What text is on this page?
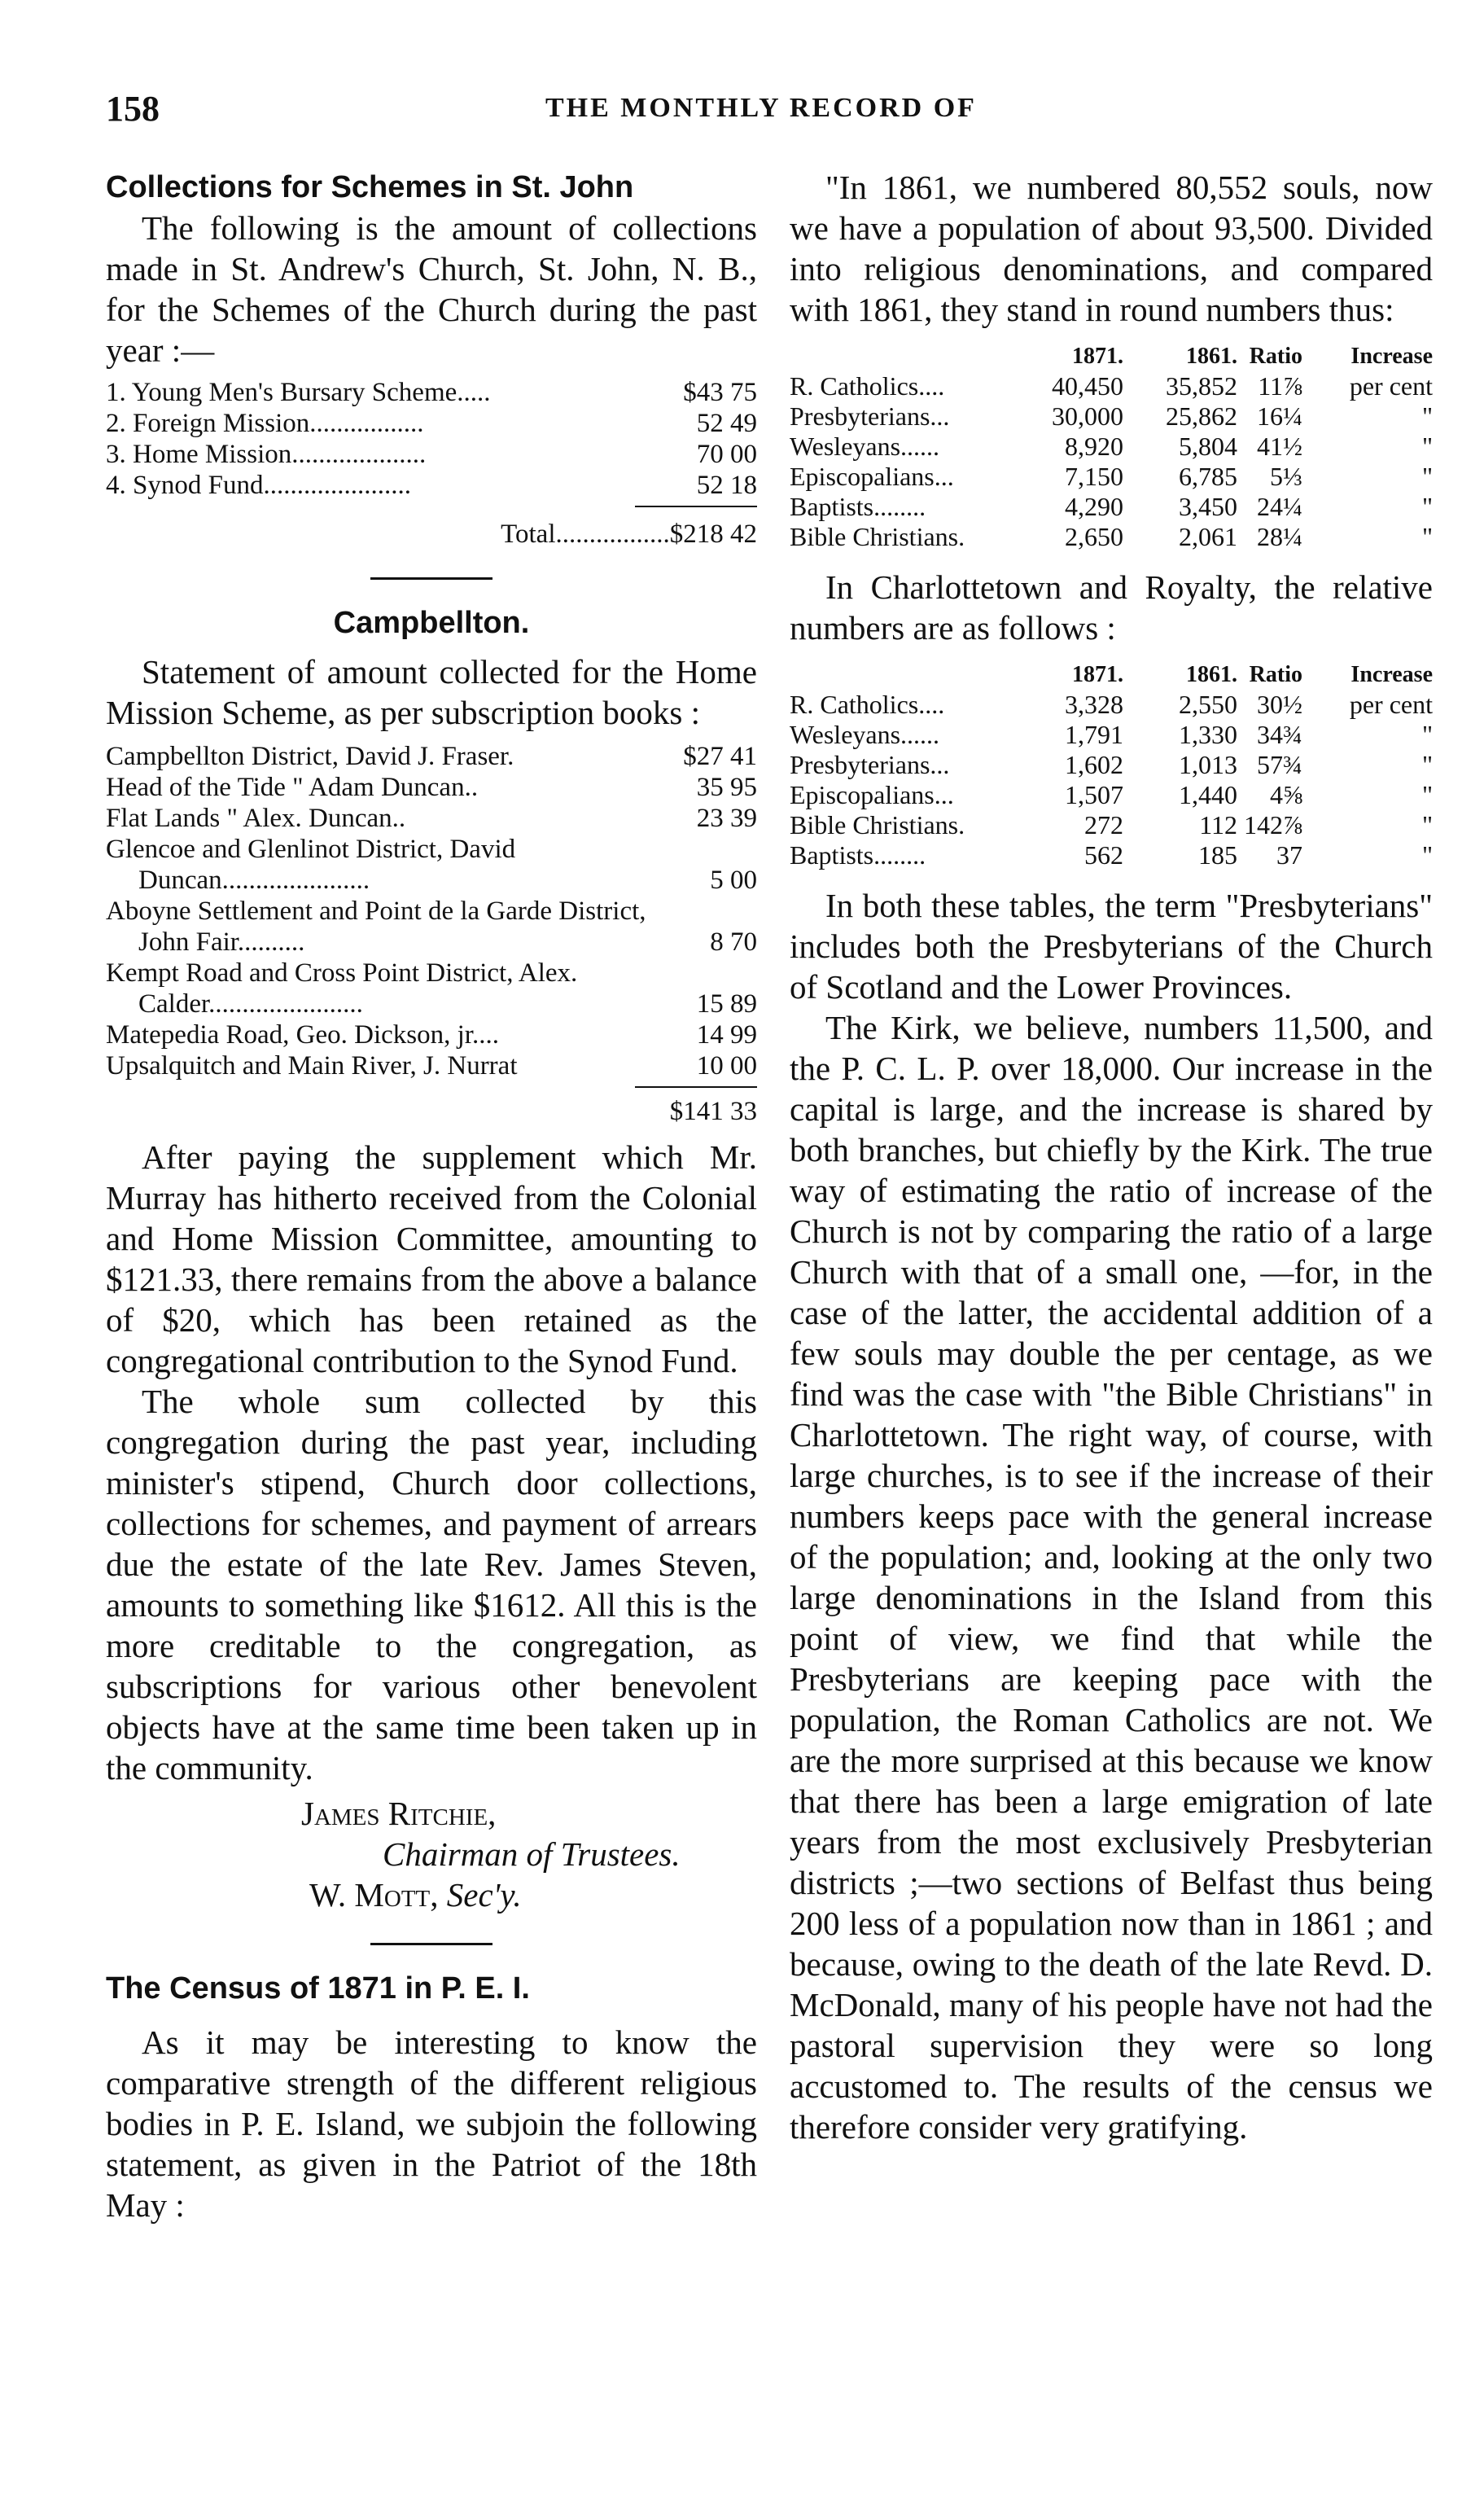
158	THE MONTHLY RECORD OF
Collections for Schemes in St. John

The following is the amount of collections made in St. Andrew's Church, St. John, N. B., for the Schemes of the Church during the past year :—

1. Young Men's Bursary Scheme.....	$43 75
2. Foreign Mission.................	52 49
3. Home Mission....................	70 00
4. Synod Fund......................	52 18
Total.................$218 42
Campbellton.

Statement of amount collected for the Home Mission Scheme, as per subscription books :

Campbellton District, David J. Fraser.	$27 41
Head of the Tide " Adam Duncan..	35 95
Flat Lands " Alex. Duncan..	23 39
Glencoe and Glenlinot District, David Duncan......................	5 00
Aboyne Settlement and Point de la Garde District, John Fair..........	8 70
Kempt Road and Cross Point District, Alex. Calder.......................	15 89
Matepedia Road, Geo. Dickson, jr....	14 99
Upsalquitch and Main River, J. Nurrat	10 00
$141 33

After paying the supplement which Mr. Murray has hitherto received from the Colonial and Home Mission Committee, amounting to $121.33, there remains from the above a balance of $20, which has been retained as the congregational contribution to the Synod Fund.

The whole sum collected by this congregation during the past year, including minister's stipend, Church door collections, collections for schemes, and payment of arrears due the estate of the late Rev. James Steven, amounts to something like $1612. All this is the more creditable to the congregation, as subscriptions for various other benevolent objects have at the same time been taken up in the community.

James Ritchie,
Chairman of Trustees.
W. Mott, Sec'y.
The Census of 1871 in P. E. I.

As it may be interesting to know the comparative strength of the different religious bodies in P. E. Island, we subjoin the following statement, as given in the Patriot of the 18th May :

"In 1861, we numbered 80,552 souls, now we have a population of about 93,500. Divided into religious denominations, and compared with 1861, they stand in round numbers thus:

	1871.	1861.	Ratio	Increase
R. Catholics....	40,450	35,852	11⅞	per cent
Presbyterians...	30,000	25,862	16¼	"
Wesleyans......	8,920	5,804	41½	"
Episcopalians...	7,150	6,785	5⅓	"
Baptists........	4,290	3,450	24¼	"
Bible Christians.	2,650	2,061	28¼	"

In Charlottetown and Royalty, the relative numbers are as follows :

	1871.	1861.	Ratio	Increase
R. Catholics....	3,328	2,550	30½	per cent
Wesleyans......	1,791	1,330	34¾	"
Presbyterians...	1,602	1,013	57¾	"
Episcopalians...	1,507	1,440	4⅝	"
Bible Christians.	272	112	142⅞	"
Baptists........	562	185	37	"

In both these tables, the term "Presbyterians" includes both the Presbyterians of the Church of Scotland and the Lower Provinces.

The Kirk, we believe, numbers 11,500, and the P. C. L. P. over 18,000. Our increase in the capital is large, and the increase is shared by both branches, but chiefly by the Kirk. The true way of estimating the ratio of increase of the Church is not by comparing the ratio of a large Church with that of a small one, —for, in the case of the latter, the accidental addition of a few souls may double the per centage, as we find was the case with "the Bible Christians" in Charlottetown. The right way, of course, with large churches, is to see if the increase of their numbers keeps pace with the general increase of the population; and, looking at the only two large denominations in the Island from this point of view, we find that while the Presbyterians are keeping pace with the population, the Roman Catholics are not. We are the more surprised at this because we know that there has been a large emigration of late years from the most exclusively Presbyterian districts ;—two sections of Belfast thus being 200 less of a population now than in 1861 ; and because, owing to the death of the late Revd. D. McDonald, many of his people have not had the pastoral supervision they were so long accustomed to. The results of the census we therefore consider very gratifying.
